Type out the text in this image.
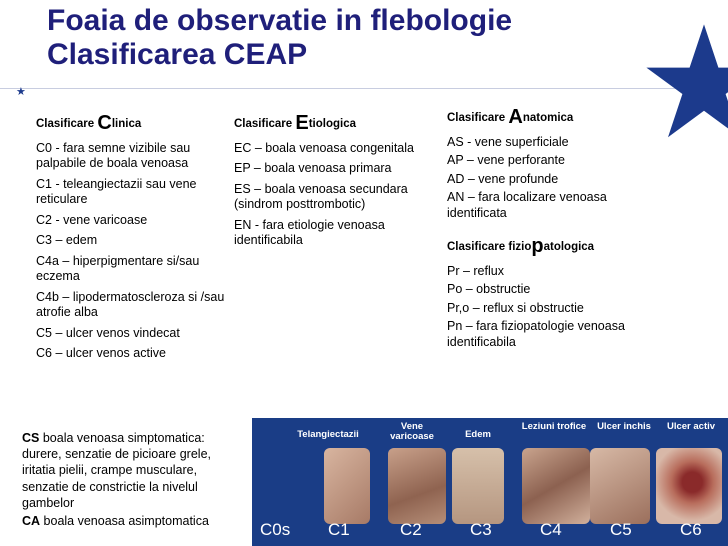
Foaia de observatie in flebologie
Clasificarea CEAP
★
Clasificare Clinica
C0 - fara semne vizibile sau palpabile de boala venoasa
C1 - teleangiectazii sau vene reticulare
C2 - vene varicoase
C3 – edem
C4a – hiperpigmentare si/sau eczema
C4b – lipodermatoscleroza si /sau atrofie alba
C5 – ulcer venos vindecat
C6 – ulcer venos active
Clasificare Etiologica
EC – boala venoasa congenitala
EP – boala venoasa primara
ES – boala venoasa secundara (sindrom posttrombotic)
EN - fara etiologie venoasa identificabila
Clasificare Anatomica
AS - vene superficiale
AP – vene perforante
AD – vene profunde
AN – fara localizare venoasa identificata
Clasificare fiziopatologica
Pr – reflux
Po – obstructie
Pr,o – reflux si obstructie
Pn – fara fiziopatologie venoasa identificabila

CS boala venoasa simptomatica: durere, senzatie de picioare grele, iritatia pielii, crampe musculare, senzatie de constrictie la nivelul gambelor

CA boala venoasa asimptomatica

Telangiectazii
Vene varicoase	Edem
Leziuni trofice	Ulcer inchis	Ulcer activ
C0s C1	C2	C3	C4	C5	C6
